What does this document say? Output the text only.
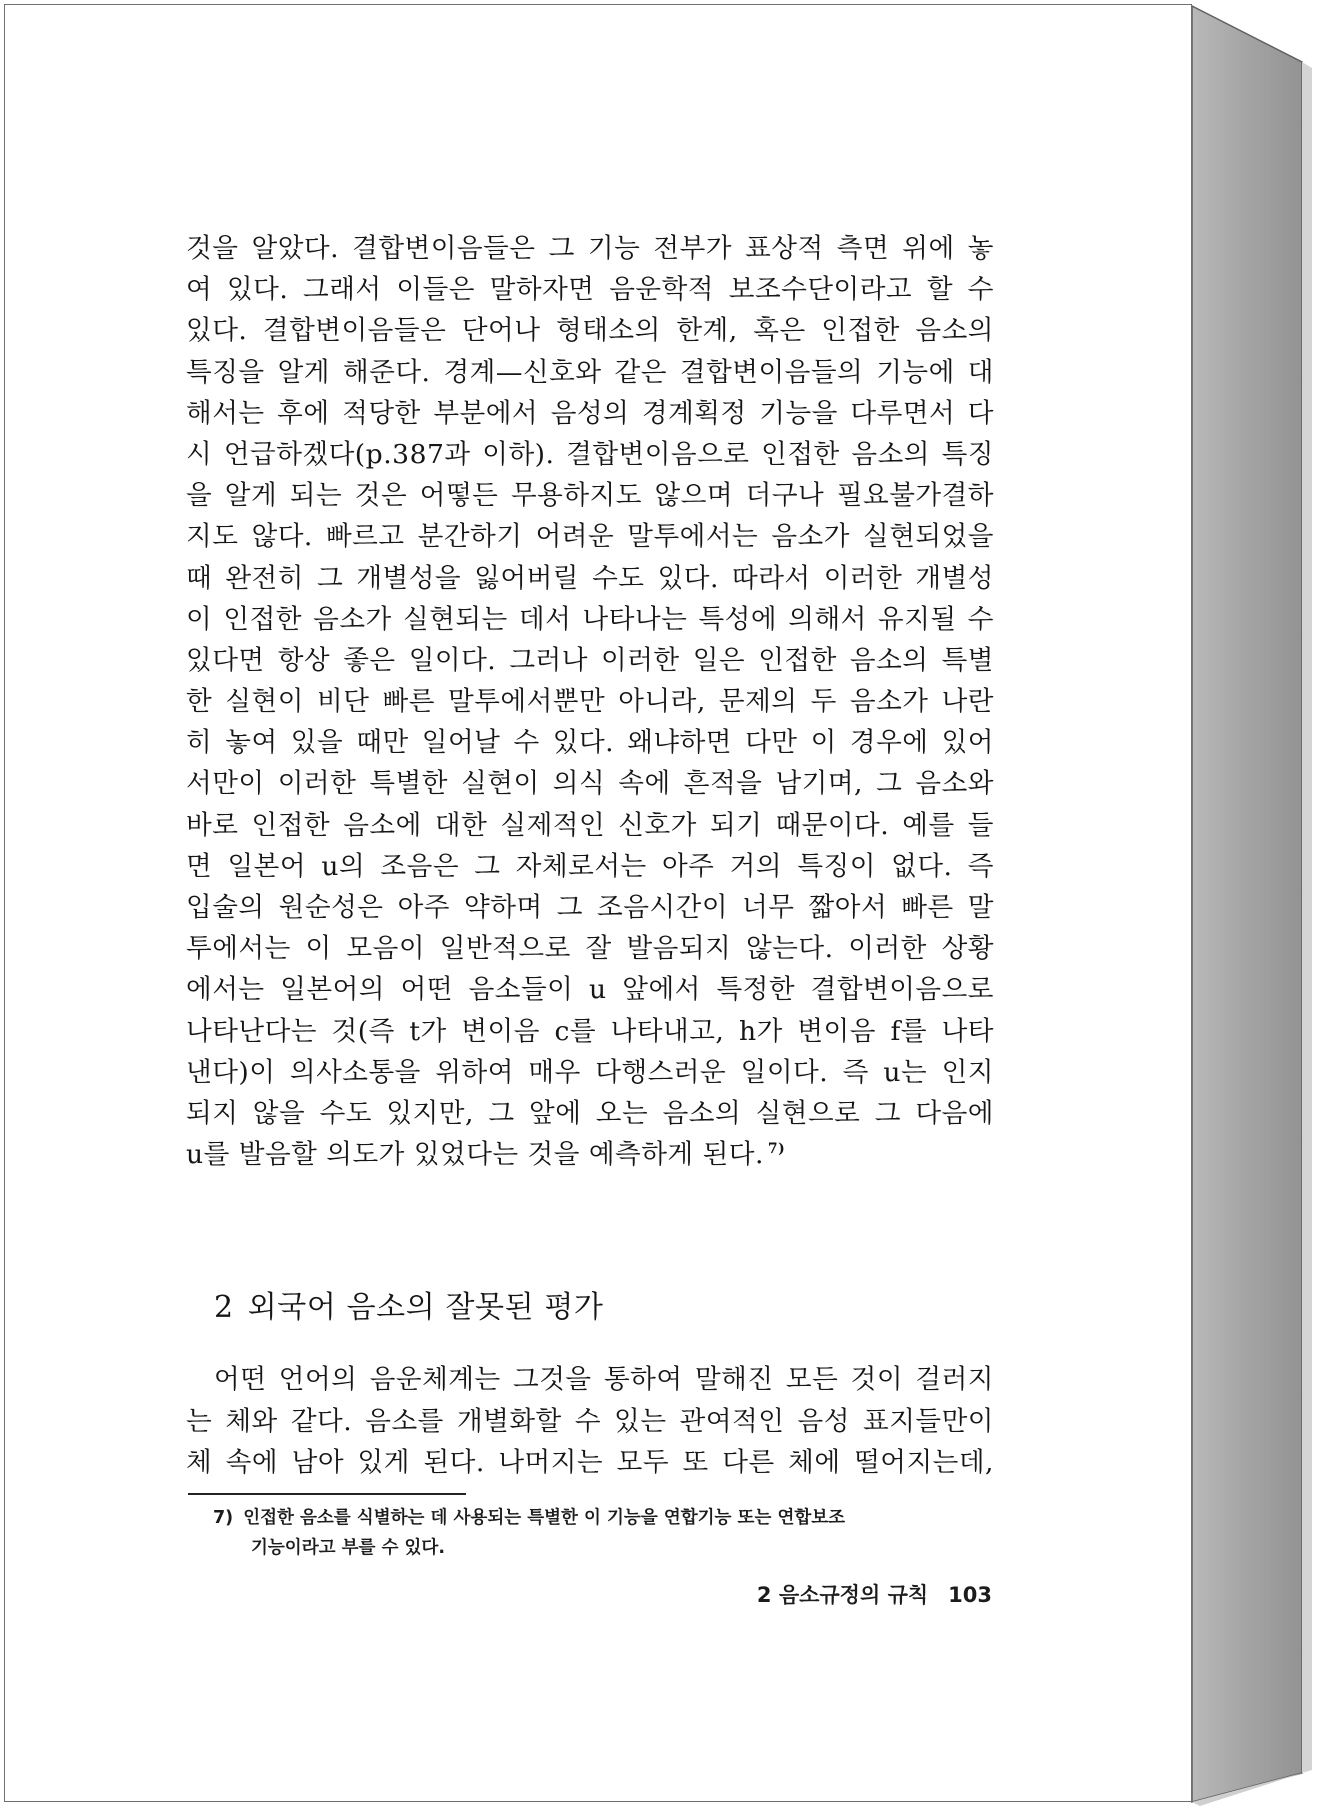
것을 알았다. 결합변이음들은 그 기능 전부가 표상적 측면 위에 놓
여 있다. 그래서 이들은 말하자면 음운학적 보조수단이라고 할 수
있다. 결합변이음들은 단어나 형태소의 한계, 혹은 인접한 음소의
특징을 알게 해준다. 경계—신호와 같은 결합변이음들의 기능에 대
해서는 후에 적당한 부분에서 음성의 경계획정 기능을 다루면서 다
시 언급하겠다(p.387과 이하). 결합변이음으로 인접한 음소의 특징
을 알게 되는 것은 어떻든 무용하지도 않으며 더구나 필요불가결하
지도 않다. 빠르고 분간하기 어려운 말투에서는 음소가 실현되었을
때 완전히 그 개별성을 잃어버릴 수도 있다. 따라서 이러한 개별성
이 인접한 음소가 실현되는 데서 나타나는 특성에 의해서 유지될 수
있다면 항상 좋은 일이다. 그러나 이러한 일은 인접한 음소의 특별
한 실현이 비단 빠른 말투에서뿐만 아니라, 문제의 두 음소가 나란
히 놓여 있을 때만 일어날 수 있다. 왜냐하면 다만 이 경우에 있어
서만이 이러한 특별한 실현이 의식 속에 흔적을 남기며, 그 음소와
바로 인접한 음소에 대한 실제적인 신호가 되기 때문이다. 예를 들
면 일본어 u의 조음은 그 자체로서는 아주 거의 특징이 없다. 즉
입술의 원순성은 아주 약하며 그 조음시간이 너무 짧아서 빠른 말
투에서는 이 모음이 일반적으로 잘 발음되지 않는다. 이러한 상황
에서는 일본어의 어떤 음소들이 u 앞에서 특정한 결합변이음으로
나타난다는 것(즉 t가 변이음 c를 나타내고, h가 변이음 f를 나타
낸다)이 의사소통을 위하여 매우 다행스러운 일이다. 즉 u는 인지
되지 않을 수도 있지만, 그 앞에 오는 음소의 실현으로 그 다음에
u를 발음할 의도가 있었다는 것을 예측하게 된다. $^{7)}$
2 외국어 음소의 잘못된 평가
어떤 언어의 음운체계는 그것을 통하여 말해진 모든 것이 걸러지
는 체와 같다. 음소를 개별화할 수 있는 관여적인 음성 표지들만이
체 속에 남아 있게 된다. 나머지는 모두 또 다른 체에 떨어지는데,
7) 인접한 음소를 식별하는 데 사용되는 특별한 이 기능을 연합기능 또는 연합보조
기능이라고 부를 수 있다.
2 음소규정의 규칙 103
